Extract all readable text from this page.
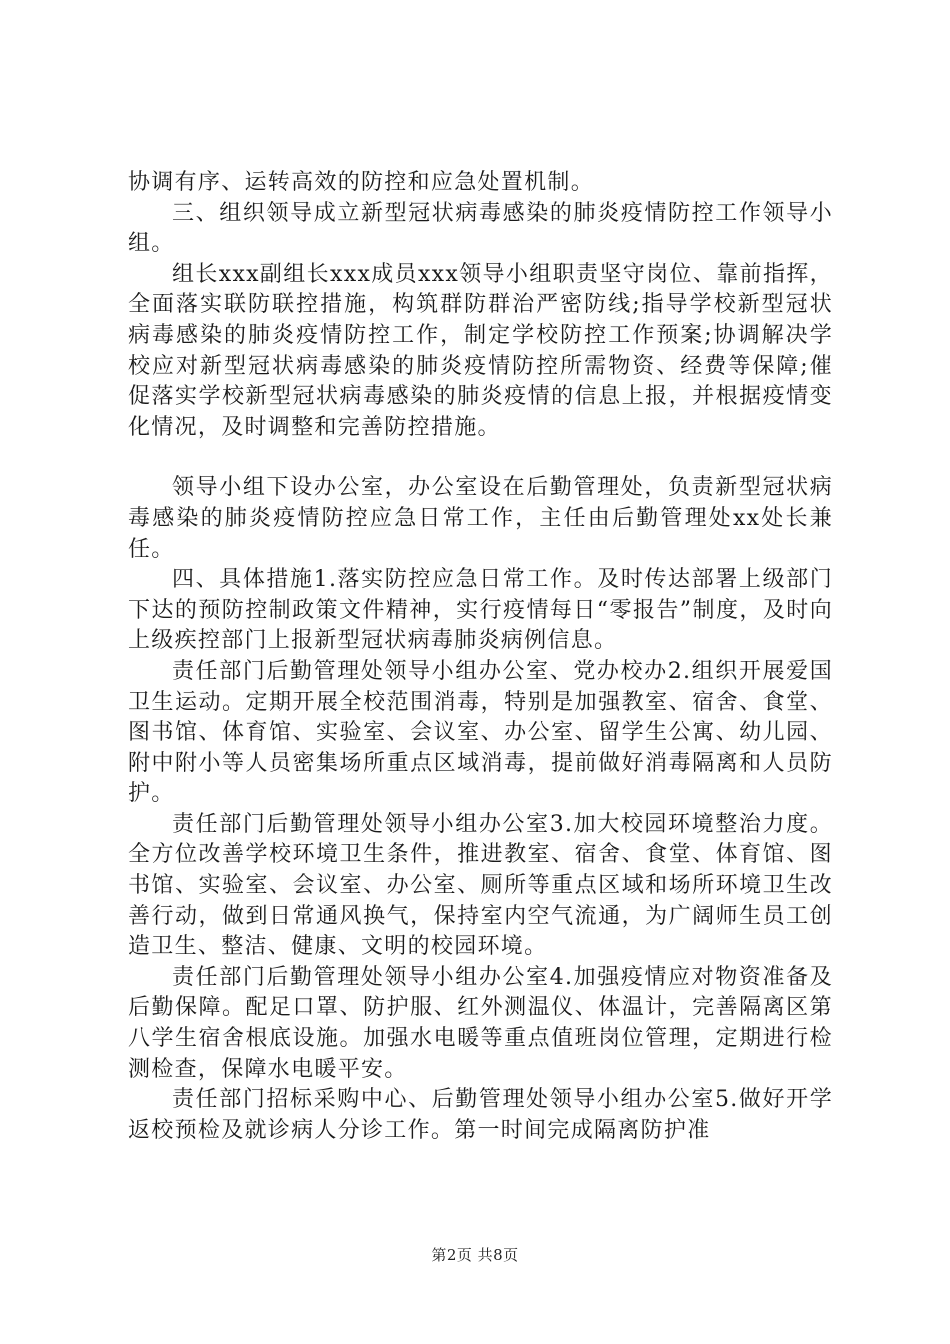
协调有序、运转高效的防控和应急处置机制。

三、组织领导成立新型冠状病毒感染的肺炎疫情防控工作领导小组。

组长xxx副组长xxx成员xxx领导小组职责坚守岗位、靠前指挥，全面落实联防联控措施，构筑群防群治严密防线;指导学校新型冠状病毒感染的肺炎疫情防控工作，制定学校防控工作预案;协调解决学校应对新型冠状病毒感染的肺炎疫情防控所需物资、经费等保障;催促落实学校新型冠状病毒感染的肺炎疫情的信息上报，并根据疫情变化情况，及时调整和完善防控措施。

领导小组下设办公室，办公室设在后勤管理处，负责新型冠状病毒感染的肺炎疫情防控应急日常工作，主任由后勤管理处xx处长兼任。

四、具体措施1.落实防控应急日常工作。及时传达部署上级部门下达的预防控制政策文件精神，实行疫情每日“零报告”制度，及时向上级疾控部门上报新型冠状病毒肺炎病例信息。

责任部门后勤管理处领导小组办公室、党办校办2.组织开展爱国卫生运动。定期开展全校范围消毒，特别是加强教室、宿舍、食堂、图书馆、体育馆、实验室、会议室、办公室、留学生公寓、幼儿园、附中附小等人员密集场所重点区域消毒，提前做好消毒隔离和人员防护。

责任部门后勤管理处领导小组办公室3.加大校园环境整治力度。全方位改善学校环境卫生条件，推进教室、宿舍、食堂、体育馆、图书馆、实验室、会议室、办公室、厕所等重点区域和场所环境卫生改善行动，做到日常通风换气，保持室内空气流通，为广阔师生员工创造卫生、整洁、健康、文明的校园环境。

责任部门后勤管理处领导小组办公室4.加强疫情应对物资准备及后勤保障。配足口罩、防护服、红外测温仪、体温计，完善隔离区第八学生宿舍根底设施。加强水电暖等重点值班岗位管理，定期进行检测检查，保障水电暖平安。

责任部门招标采购中心、后勤管理处领导小组办公室5.做好开学返校预检及就诊病人分诊工作。第一时间完成隔离防护准

第2页 共8页
